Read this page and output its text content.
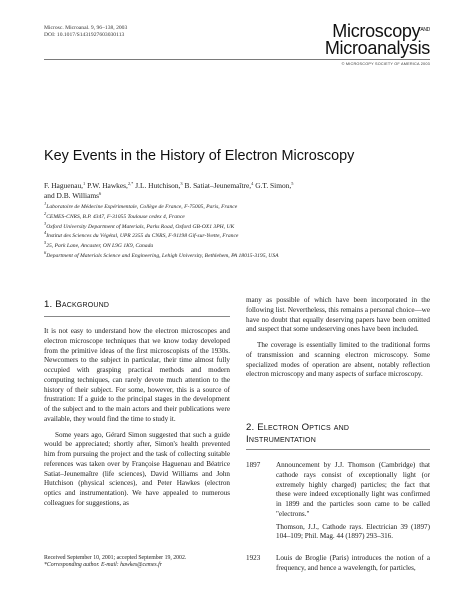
Microsc. Microanal. 9, 96–138, 2003
DOI: 10.1017/S1431927603030113	Microscopy$^{AND}$
Microanalysis
© MICROSCOPY SOCIETY OF AMERICA 2003
Key Events in the History of Electron Microscopy
F. Haguenau,$^1$ P.W. Hawkes,$^{2,*}$ J.L. Hutchison,$^3$ B. Satiat–Jeunemaître,$^4$ G.T. Simon,$^5$
and D.B. Williams$^6$

$^1$Laboratoire de Médecine Expérimentale, Collège de France, F-75005, Paris, France

$^2$CEMES-CNRS, B.P. 4347, F-31055 Toulouse cedex 4, France

$^3$Oxford University Department of Materials, Parks Road, Oxford GB-OX1 3PH, UK

$^4$Institut des Sciences du Végétal, UPR 2355 du CNRS, F-91198 Gif-sur-Yvette, France

$^5$25, Park Lane, Ancaster, ON L9G 1K9, Canada

$^6$Department of Materials Science and Engineering, Lehigh University, Bethlehem, PA 18015-3195, USA

1. Background

It is not easy to understand how the electron microscopes and electron microscope techniques that we know today developed from the primitive ideas of the first microscopists of the 1930s. Newcomers to the subject in particular, their time almost fully occupied with grasping practical methods and modern computing techniques, can rarely devote much attention to the history of their subject. For some, however, this is a source of frustration: If a guide to the principal stages in the development of the subject and to the main actors and their publications were available, they would find the time to study it.

Some years ago, Gérard Simon suggested that such a guide would be appreciated; shortly after, Simon's health prevented him from pursuing the project and the task of collecting suitable references was taken over by Françoise Haguenau and Béatrice Satiat–Jeunemaître (life sciences), David Williams and John Hutchison (physical sciences), and Peter Hawkes (electron optics and instrumentation). We have appealed to numerous colleagues for suggestions, as

Received September 10, 2001; accepted September 19, 2002.
*Corresponding author. E-mail: hawkes@cemes.fr

many as possible of which have been incorporated in the following list. Nevertheless, this remains a personal choice—we have no doubt that equally deserving papers have been omitted and suspect that some undeserving ones have been included.

The coverage is essentially limited to the traditional forms of transmission and scanning electron microscopy. Some specialized modes of operation are absent, notably reflection electron microscopy and many aspects of surface microscopy.

2. Electron Optics and
Instrumentation
1897 Announcement by J.J. Thomson (Cambridge) that cathode rays consist of exceptionally light (or extremely highly charged) particles; the fact that these were indeed exceptionally light was confirmed in 1899 and the particles soon came to be called "electrons."
Thomson, J.J., Cathode rays. Electrician 39 (1897) 104–109; Phil. Mag. 44 (1897) 293–316.
1923 Louis de Broglie (Paris) introduces the notion of a frequency, and hence a wavelength, for particles,
